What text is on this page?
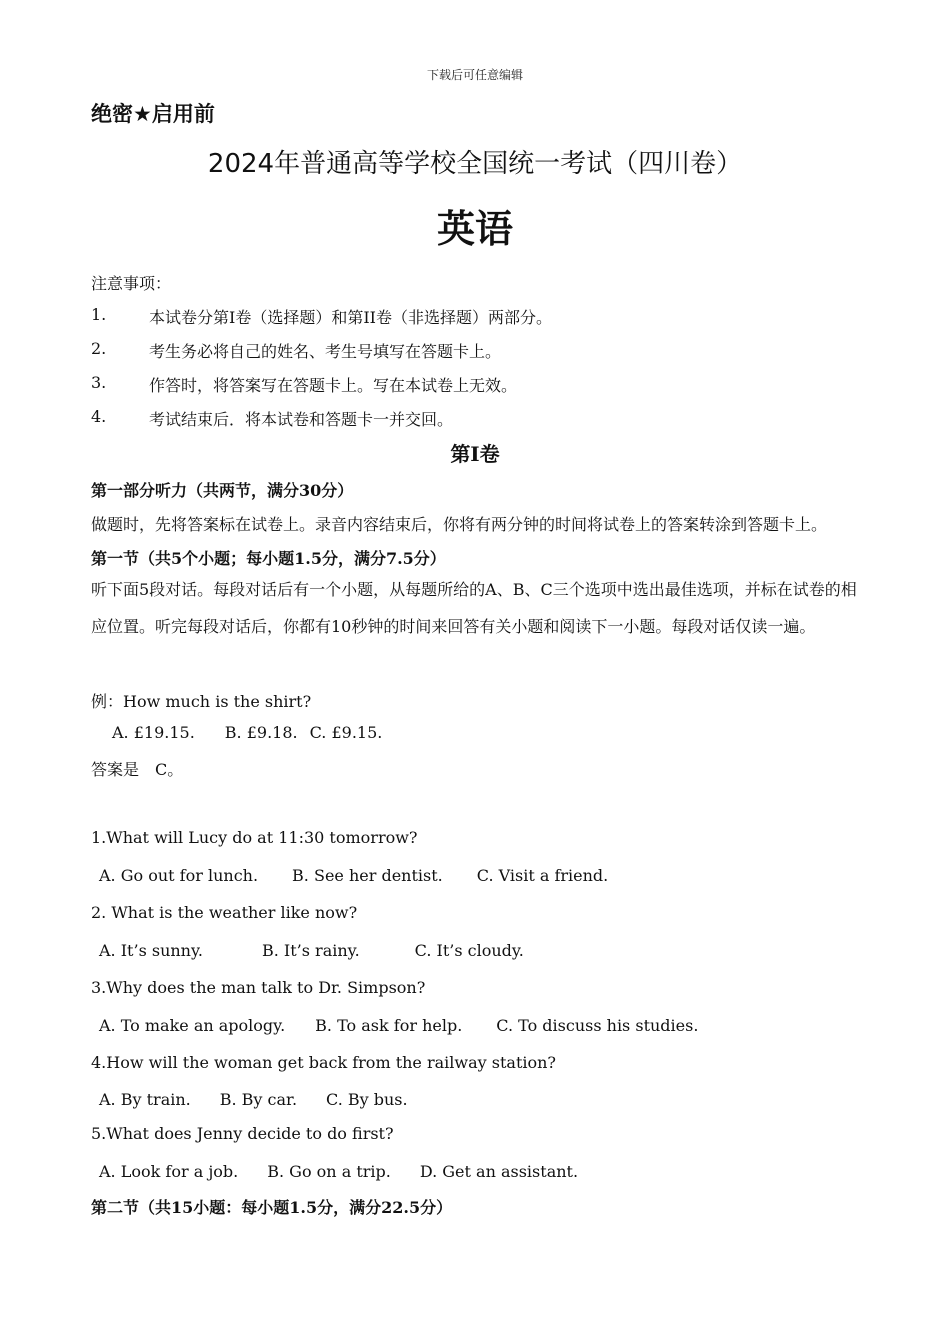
下载后可任意编辑
绝密★启用前
2024年普通高等学校全国统一考试（四川卷）
英语
注意事项：
1.	本试卷分第I卷（选择题）和第II卷（非选择题）两部分。
2.	考生务必将自己的姓名、考生号填写在答题卡上。
3.	作答时，将答案写在答题卡上。写在本试卷上无效。
4.	考试结束后．将本试卷和答题卡一并交回。
第I卷
第一部分听力（共两节，满分30分）
做题时，先将答案标在试卷上。录音内容结束后，你将有两分钟的时间将试卷上的答案转涂到答题卡上。
第一节（共5个小题；每小题1.5分，满分7.5分）
听下面5段对话。每段对话后有一个小题，从每题所给的A、B、C三个选项中选出最佳选项，并标在试卷的相应位置。听完每段对话后，你都有10秒钟的时间来回答有关小题和阅读下一小题。每段对话仅读一遍。
例：How much is the shirt?
A. £19.15. B. £9.18. C. £9.15.
答案是　C。
1.What will Lucy do at 11:30 tomorrow?
A. Go out for lunch. B. See her dentist. C. Visit a friend.
2. What is the weather like now?
A. It’s sunny.	B. It’s rainy.	C. It’s cloudy.
3.Why does the man talk to Dr. Simpson?
A. To make an apology. B. To ask for help. C. To discuss his studies.
4.How will the woman get back from the railway station?
A. By train. B. By car. C. By bus.
5.What does Jenny decide to do first?
A. Look for a job. B. Go on a trip. D. Get an assistant.
第二节（共15小题：每小题1.5分，满分22.5分）
